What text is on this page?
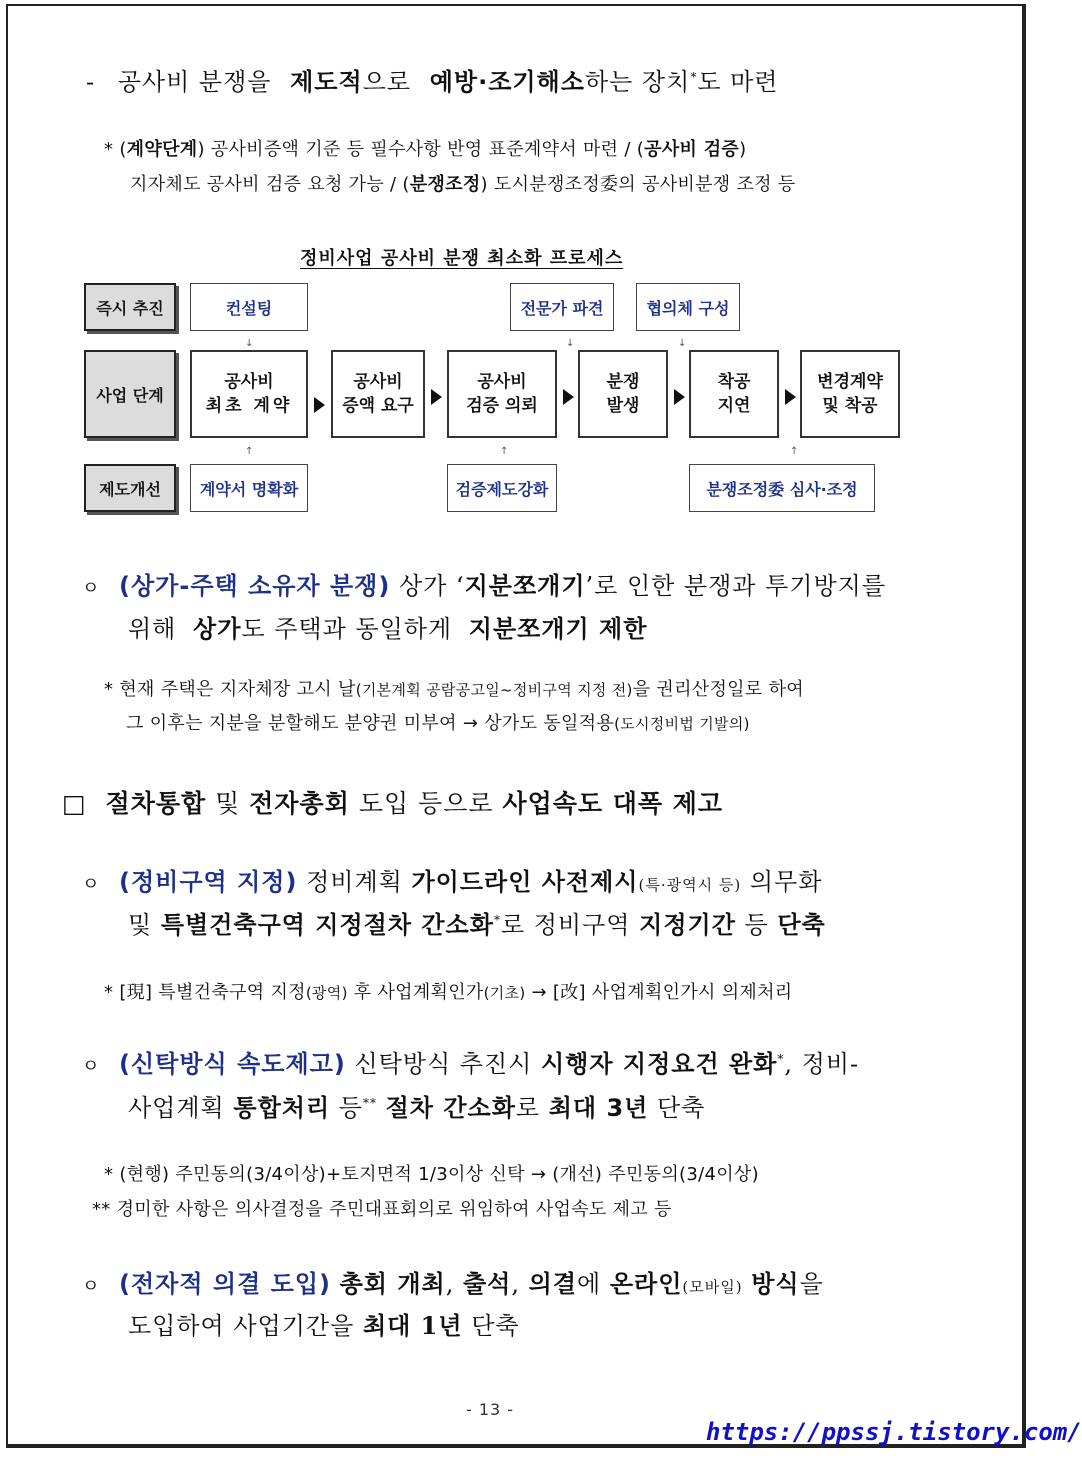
- 공사비 분쟁을 제도적으로 예방·조기해소하는 장치*도 마련
* (계약단계) 공사비증액 기준 등 필수사항 반영 표준계약서 마련 / (공사비 검증)
지자체도 공사비 검증 요청 가능 / (분쟁조정) 도시분쟁조정委의 공사비분쟁 조정 등
정비사업 공사비 분쟁 최소화 프로세스
즉시 추진
사업 단계
제도개선
컨설팅	전문가 파견	협의체 구성
↓	↓	↓
공사비
최초 계약
공사비
증액 요구
공사비
검증 의뢰
분쟁
발생
착공
지연
변경계약
및 착공
↑	↑	↑
계약서 명확화	검증제도강화	분쟁조정委 심사·조정
ㅇ (상가-주택 소유자 분쟁) 상가 ‘지분쪼개기’로 인한 분쟁과 투기방지를
위해 상가도 주택과 동일하게 지분쪼개기 제한
* 현재 주택은 지자체장 고시 날(기본계획 공람공고일~정비구역 지정 전)을 권리산정일로 하여
그 이후는 지분을 분할해도 분양권 미부여 → 상가도 동일적용(도시정비법 기발의)
□ 절차통합 및 전자총회 도입 등으로 사업속도 대폭 제고
ㅇ (정비구역 지정) 정비계획 가이드라인 사전제시(특·광역시 등) 의무화
및 특별건축구역 지정절차 간소화*로 정비구역 지정기간 등 단축
* [現] 특별건축구역 지정(광역) 후 사업계획인가(기초) → [改] 사업계획인가시 의제처리
ㅇ (신탁방식 속도제고) 신탁방식 추진시 시행자 지정요건 완화*, 정비-
사업계획 통합처리 등** 절차 간소화로 최대 3년 단축
* (현행) 주민동의(3/4이상)+토지면적 1/3이상 신탁 → (개선) 주민동의(3/4이상)
** 경미한 사항은 의사결정을 주민대표회의로 위임하여 사업속도 제고 등
ㅇ (전자적 의결 도입) 총회 개최, 출석, 의결에 온라인(모바일) 방식을
도입하여 사업기간을 최대 1년 단축
- 13 -
https://ppssj.tistory.com/
